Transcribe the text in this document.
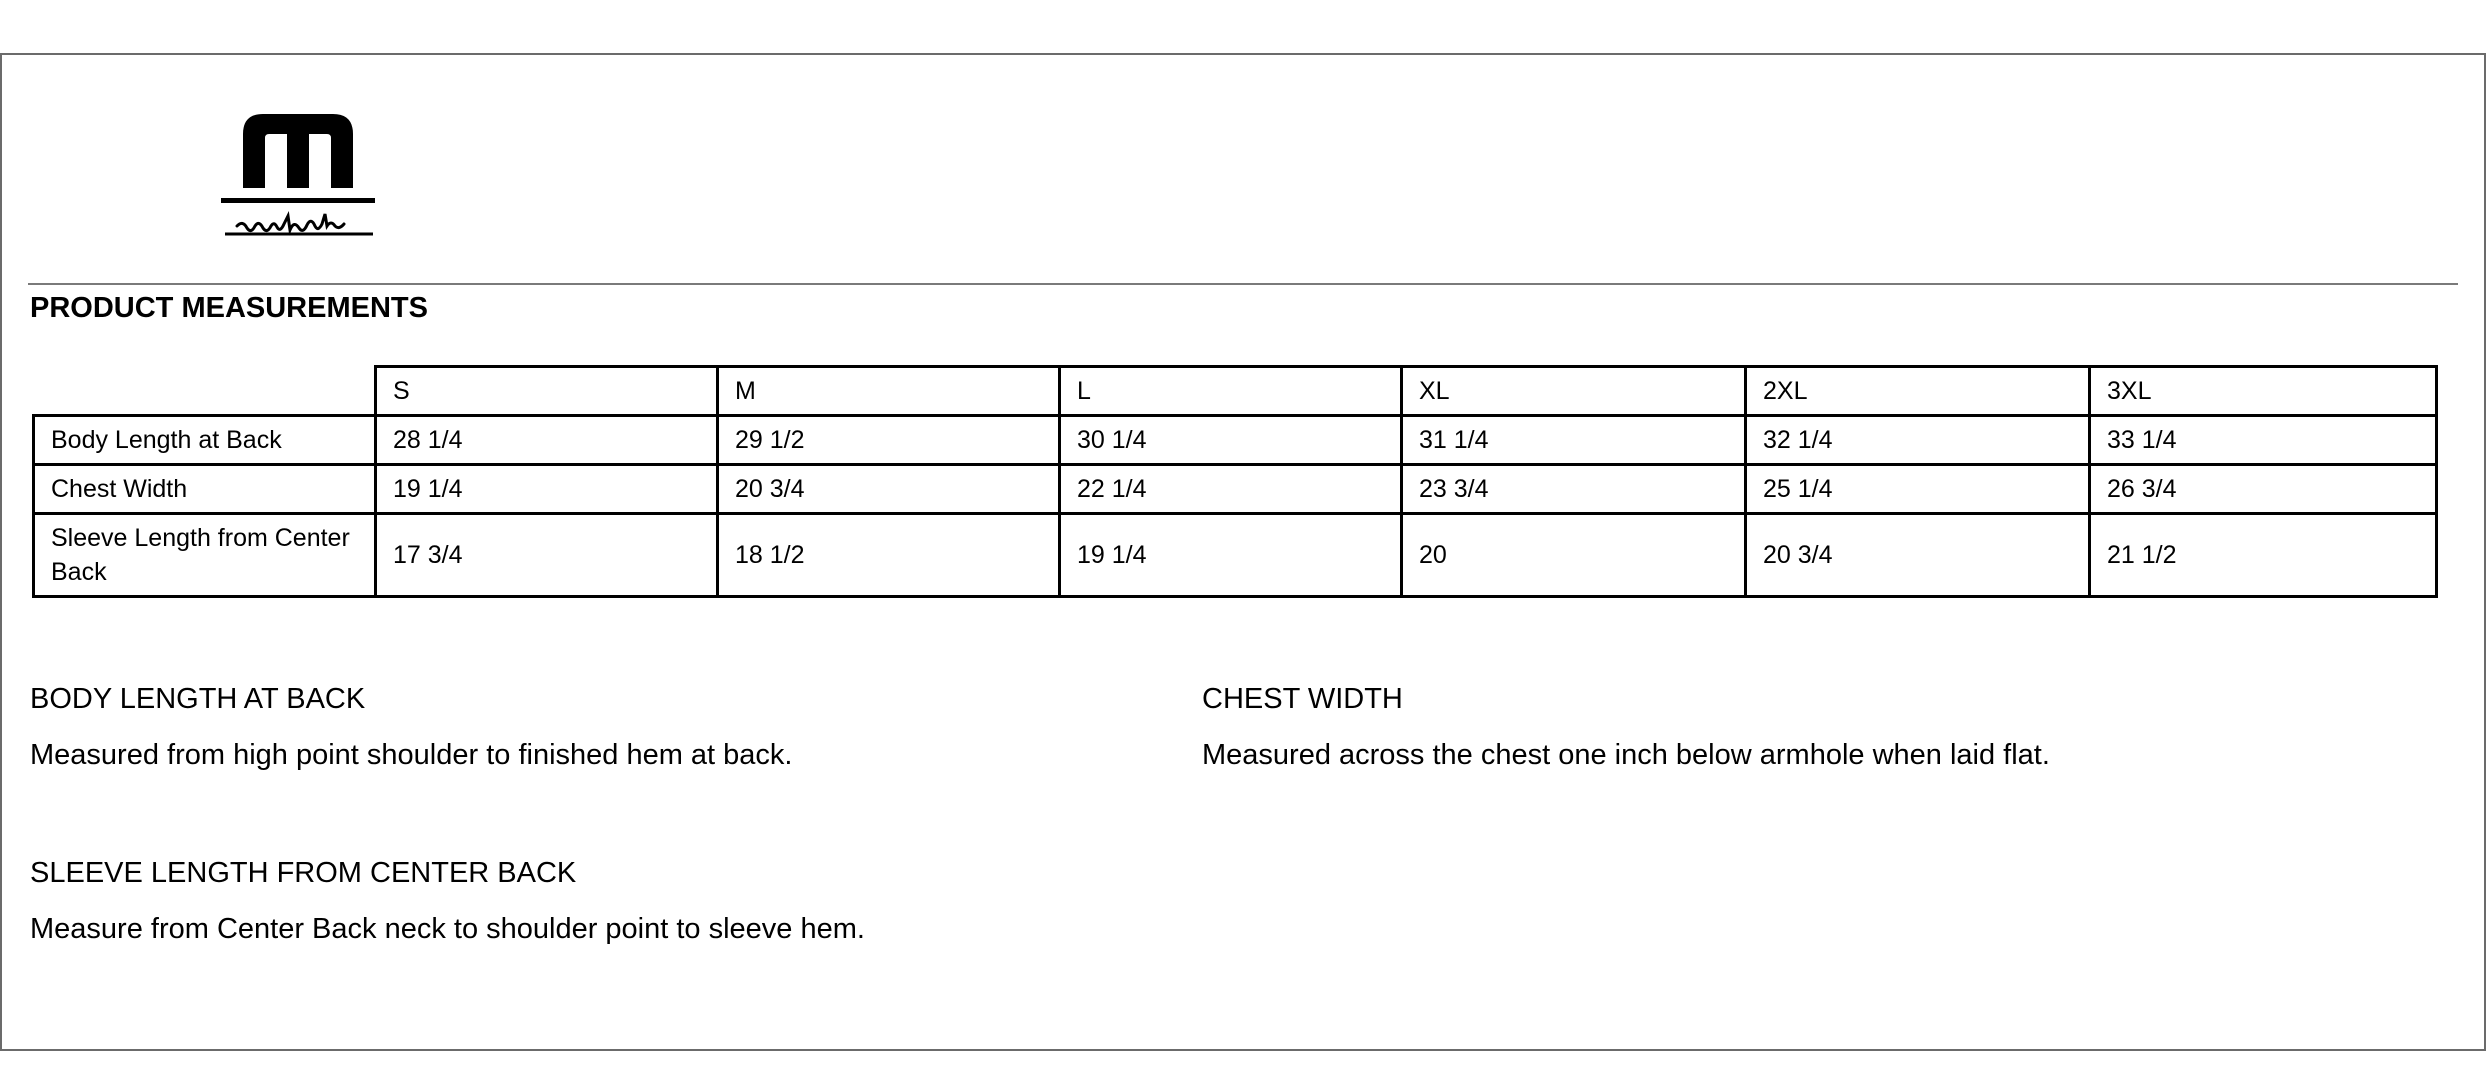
PRODUCT MEASUREMENTS
	S	M	L	XL	2XL	3XL
Body Length at Back	28 1/4	29 1/2	30 1/4	31 1/4	32 1/4	33 1/4
Chest Width	19 1/4	20 3/4	22 1/4	23 3/4	25 1/4	26 3/4
Sleeve Length from Center Back	17 3/4	18 1/2	19 1/4	20	20 3/4	21 1/2
BODY LENGTH AT BACK
Measured from high point shoulder to finished hem at back.
CHEST WIDTH
Measured across the chest one inch below armhole when laid flat.
SLEEVE LENGTH FROM CENTER BACK
Measure from Center Back neck to shoulder point to sleeve hem.
